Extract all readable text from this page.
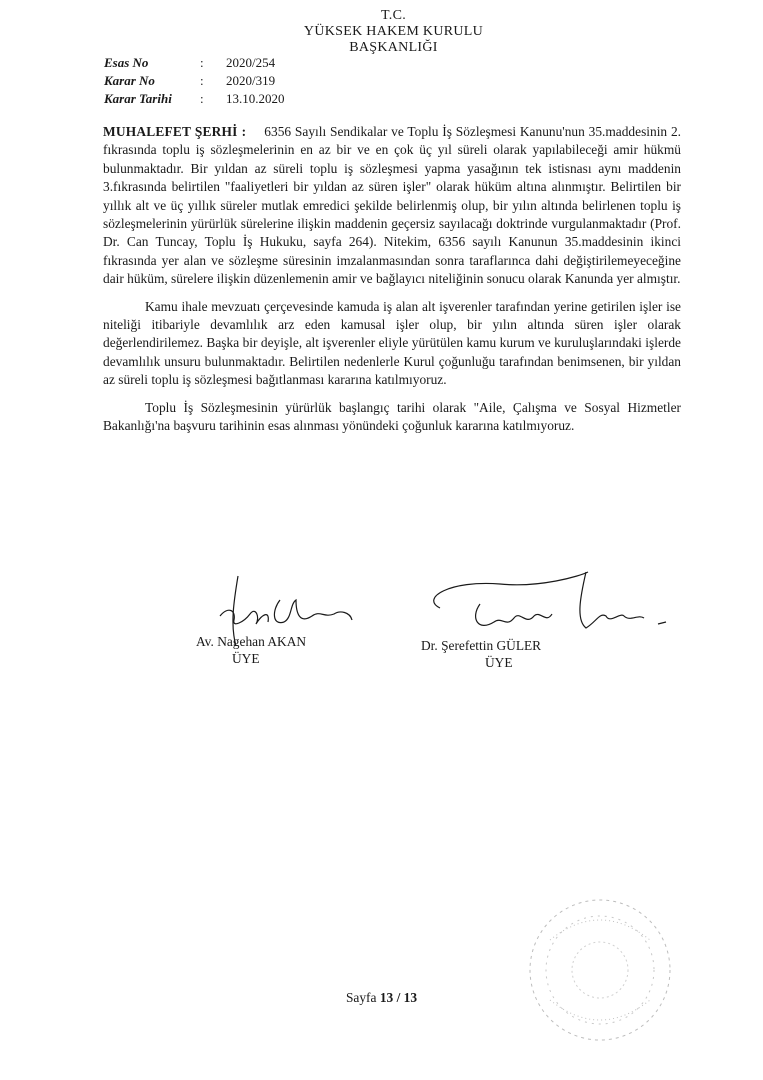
T.C.
YÜKSEK HAKEM KURULU
BAŞKANLIĞI
Esas No	:	2020/254
Karar No	:	2020/319
Karar Tarihi	:	13.10.2020

MUHALEFET ŞERHİ : 6356 Sayılı Sendikalar ve Toplu İş Sözleşmesi Kanunu'nun 35.maddesinin 2. fıkrasında toplu iş sözleşmelerinin en az bir ve en çok üç yıl süreli olarak yapılabileceği amir hükmü bulunmaktadır. Bir yıldan az süreli toplu iş sözleşmesi yapma yasağının tek istisnası aynı maddenin 3.fıkrasında belirtilen "faaliyetleri bir yıldan az süren işler" olarak hüküm altına alınmıştır. Belirtilen bir yıllık alt ve üç yıllık süreler mutlak emredici şekilde belirlenmiş olup, bir yılın altında belirlenen toplu iş sözleşmelerinin yürürlük sürelerine ilişkin maddenin geçersiz sayılacağı doktrinde vurgulanmaktadır (Prof. Dr. Can Tuncay, Toplu İş Hukuku, sayfa 264). Nitekim, 6356 sayılı Kanunun 35.maddesinin ikinci fıkrasında yer alan ve sözleşme süresinin imzalanmasından sonra taraflarınca dahi değiştirilemeyeceğine dair hüküm, sürelere ilişkin düzenlemenin amir ve bağlayıcı niteliğinin sonucu olarak Kanunda yer almıştır.

Kamu ihale mevzuatı çerçevesinde kamuda iş alan alt işverenler tarafından yerine getirilen işler ise niteliği itibariyle devamlılık arz eden kamusal işler olup, bir yılın altında süren işler olarak değerlendirilemez. Başka bir deyişle, alt işverenler eliyle yürütülen kamu kurum ve kuruluşlarındaki işlerde devamlılık unsuru bulunmaktadır. Belirtilen nedenlerle Kurul çoğunluğu tarafından benimsenen, bir yıldan az süreli toplu iş sözleşmesi bağıtlanması kararına katılmıyoruz.

Toplu İş Sözleşmesinin yürürlük başlangıç tarihi olarak "Aile, Çalışma ve Sosyal Hizmetler Bakanlığı'na başvuru tarihinin esas alınması yönündeki çoğunluk kararına katılmıyoruz.

Av. Nagehan AKAN
ÜYE
Dr. Şerefettin GÜLER
ÜYE
Sayfa 13 / 13
